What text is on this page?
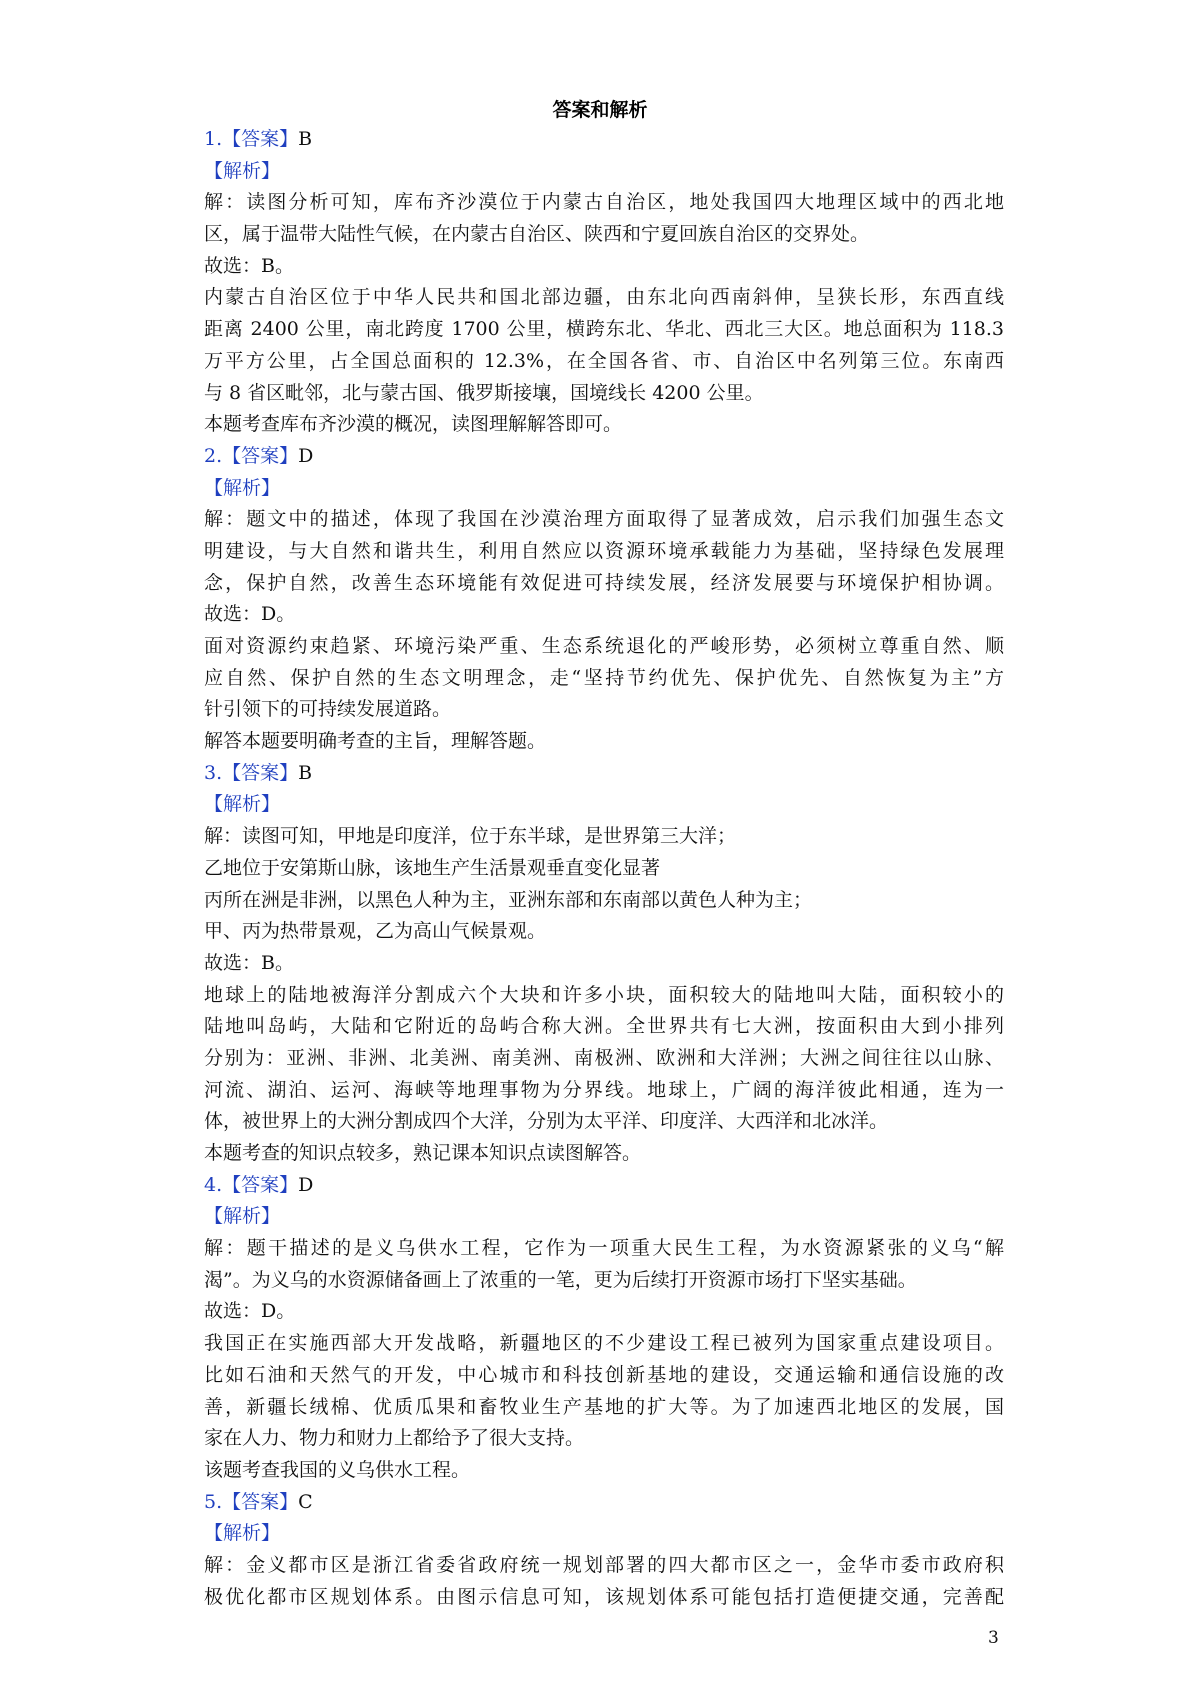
答案和解析
1.【答案】B
【解析】
解：读图分析可知，库布齐沙漠位于内蒙古自治区，地处我国四大地理区域中的西北地
区，属于温带大陆性气候，在内蒙古自治区、陕西和宁夏回族自治区的交界处。
故选：B。
内蒙古自治区位于中华人民共和国北部边疆，由东北向西南斜伸，呈狭长形，东西直线
距离 2400 公里，南北跨度 1700 公里，横跨东北、华北、西北三大区。地总面积为 118.3
万平方公里，占全国总面积的 12.3%，在全国各省、市、自治区中名列第三位。东南西
与 8 省区毗邻，北与蒙古国、俄罗斯接壤，国境线长 4200 公里。
本题考查库布齐沙漠的概况，读图理解解答即可。
2.【答案】D
【解析】
解：题文中的描述，体现了我国在沙漠治理方面取得了显著成效，启示我们加强生态文
明建设，与大自然和谐共生，利用自然应以资源环境承载能力为基础，坚持绿色发展理
念，保护自然，改善生态环境能有效促进可持续发展，经济发展要与环境保护相协调。
故选：D。
面对资源约束趋紧、环境污染严重、生态系统退化的严峻形势，必须树立尊重自然、顺
应自然、保护自然的生态文明理念，走“坚持节约优先、保护优先、自然恢复为主”方
针引领下的可持续发展道路。
解答本题要明确考查的主旨，理解答题。
3.【答案】B
【解析】
解：读图可知，甲地是印度洋，位于东半球，是世界第三大洋；
乙地位于安第斯山脉，该地生产生活景观垂直变化显著
丙所在洲是非洲，以黑色人种为主，亚洲东部和东南部以黄色人种为主；
甲、丙为热带景观，乙为高山气候景观。
故选：B。
地球上的陆地被海洋分割成六个大块和许多小块，面积较大的陆地叫大陆，面积较小的
陆地叫岛屿，大陆和它附近的岛屿合称大洲。全世界共有七大洲，按面积由大到小排列
分别为：亚洲、非洲、北美洲、南美洲、南极洲、欧洲和大洋洲；大洲之间往往以山脉、
河流、湖泊、运河、海峡等地理事物为分界线。地球上，广阔的海洋彼此相通，连为一
体，被世界上的大洲分割成四个大洋，分别为太平洋、印度洋、大西洋和北冰洋。
本题考查的知识点较多，熟记课本知识点读图解答。
4.【答案】D
【解析】
解：题干描述的是义乌供水工程，它作为一项重大民生工程，为水资源紧张的义乌“解
渴”。为义乌的水资源储备画上了浓重的一笔，更为后续打开资源市场打下坚实基础。
故选：D。
我国正在实施西部大开发战略，新疆地区的不少建设工程已被列为国家重点建设项目。
比如石油和天然气的开发，中心城市和科技创新基地的建设，交通运输和通信设施的改
善，新疆长绒棉、优质瓜果和畜牧业生产基地的扩大等。为了加速西北地区的发展，国
家在人力、物力和财力上都给予了很大支持。
该题考查我国的义乌供水工程。
5.【答案】C
【解析】
解：金义都市区是浙江省委省政府统一规划部署的四大都市区之一，金华市委市政府积
极优化都市区规划体系。由图示信息可知，该规划体系可能包括打造便捷交通，完善配
3
